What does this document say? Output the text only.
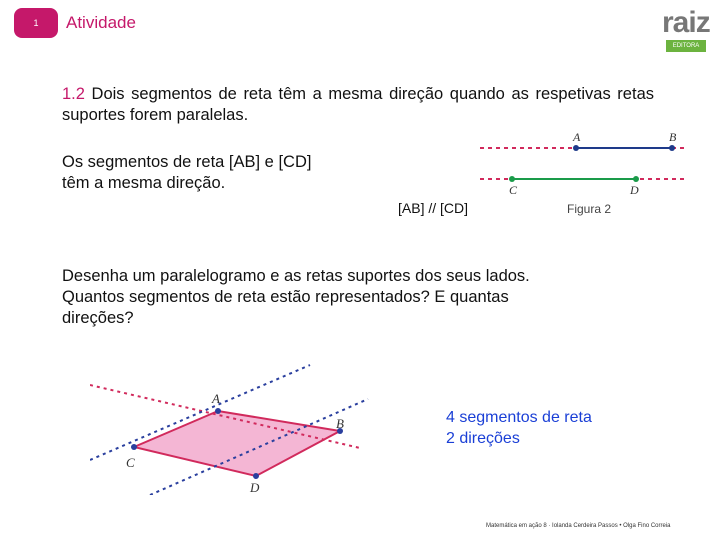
1 Atividade	raiz
EDITORA
1.2 Dois segmentos de reta têm a mesma direção quando as respetivas retas suportes forem paralelas.
Os segmentos de reta [AB] e [CD]
têm a mesma direção.
A	B
C	D
Figura 2
[AB] // [CD]
Desenha um paralelogramo e as retas suportes dos seus lados.
Quantos segmentos de reta estão representados? E quantas
direções?
A
B
C
D
4 segmentos de reta
2 direções
Matemática em ação 8 · Iolanda Cerdeira Passos • Olga Fino Correia
